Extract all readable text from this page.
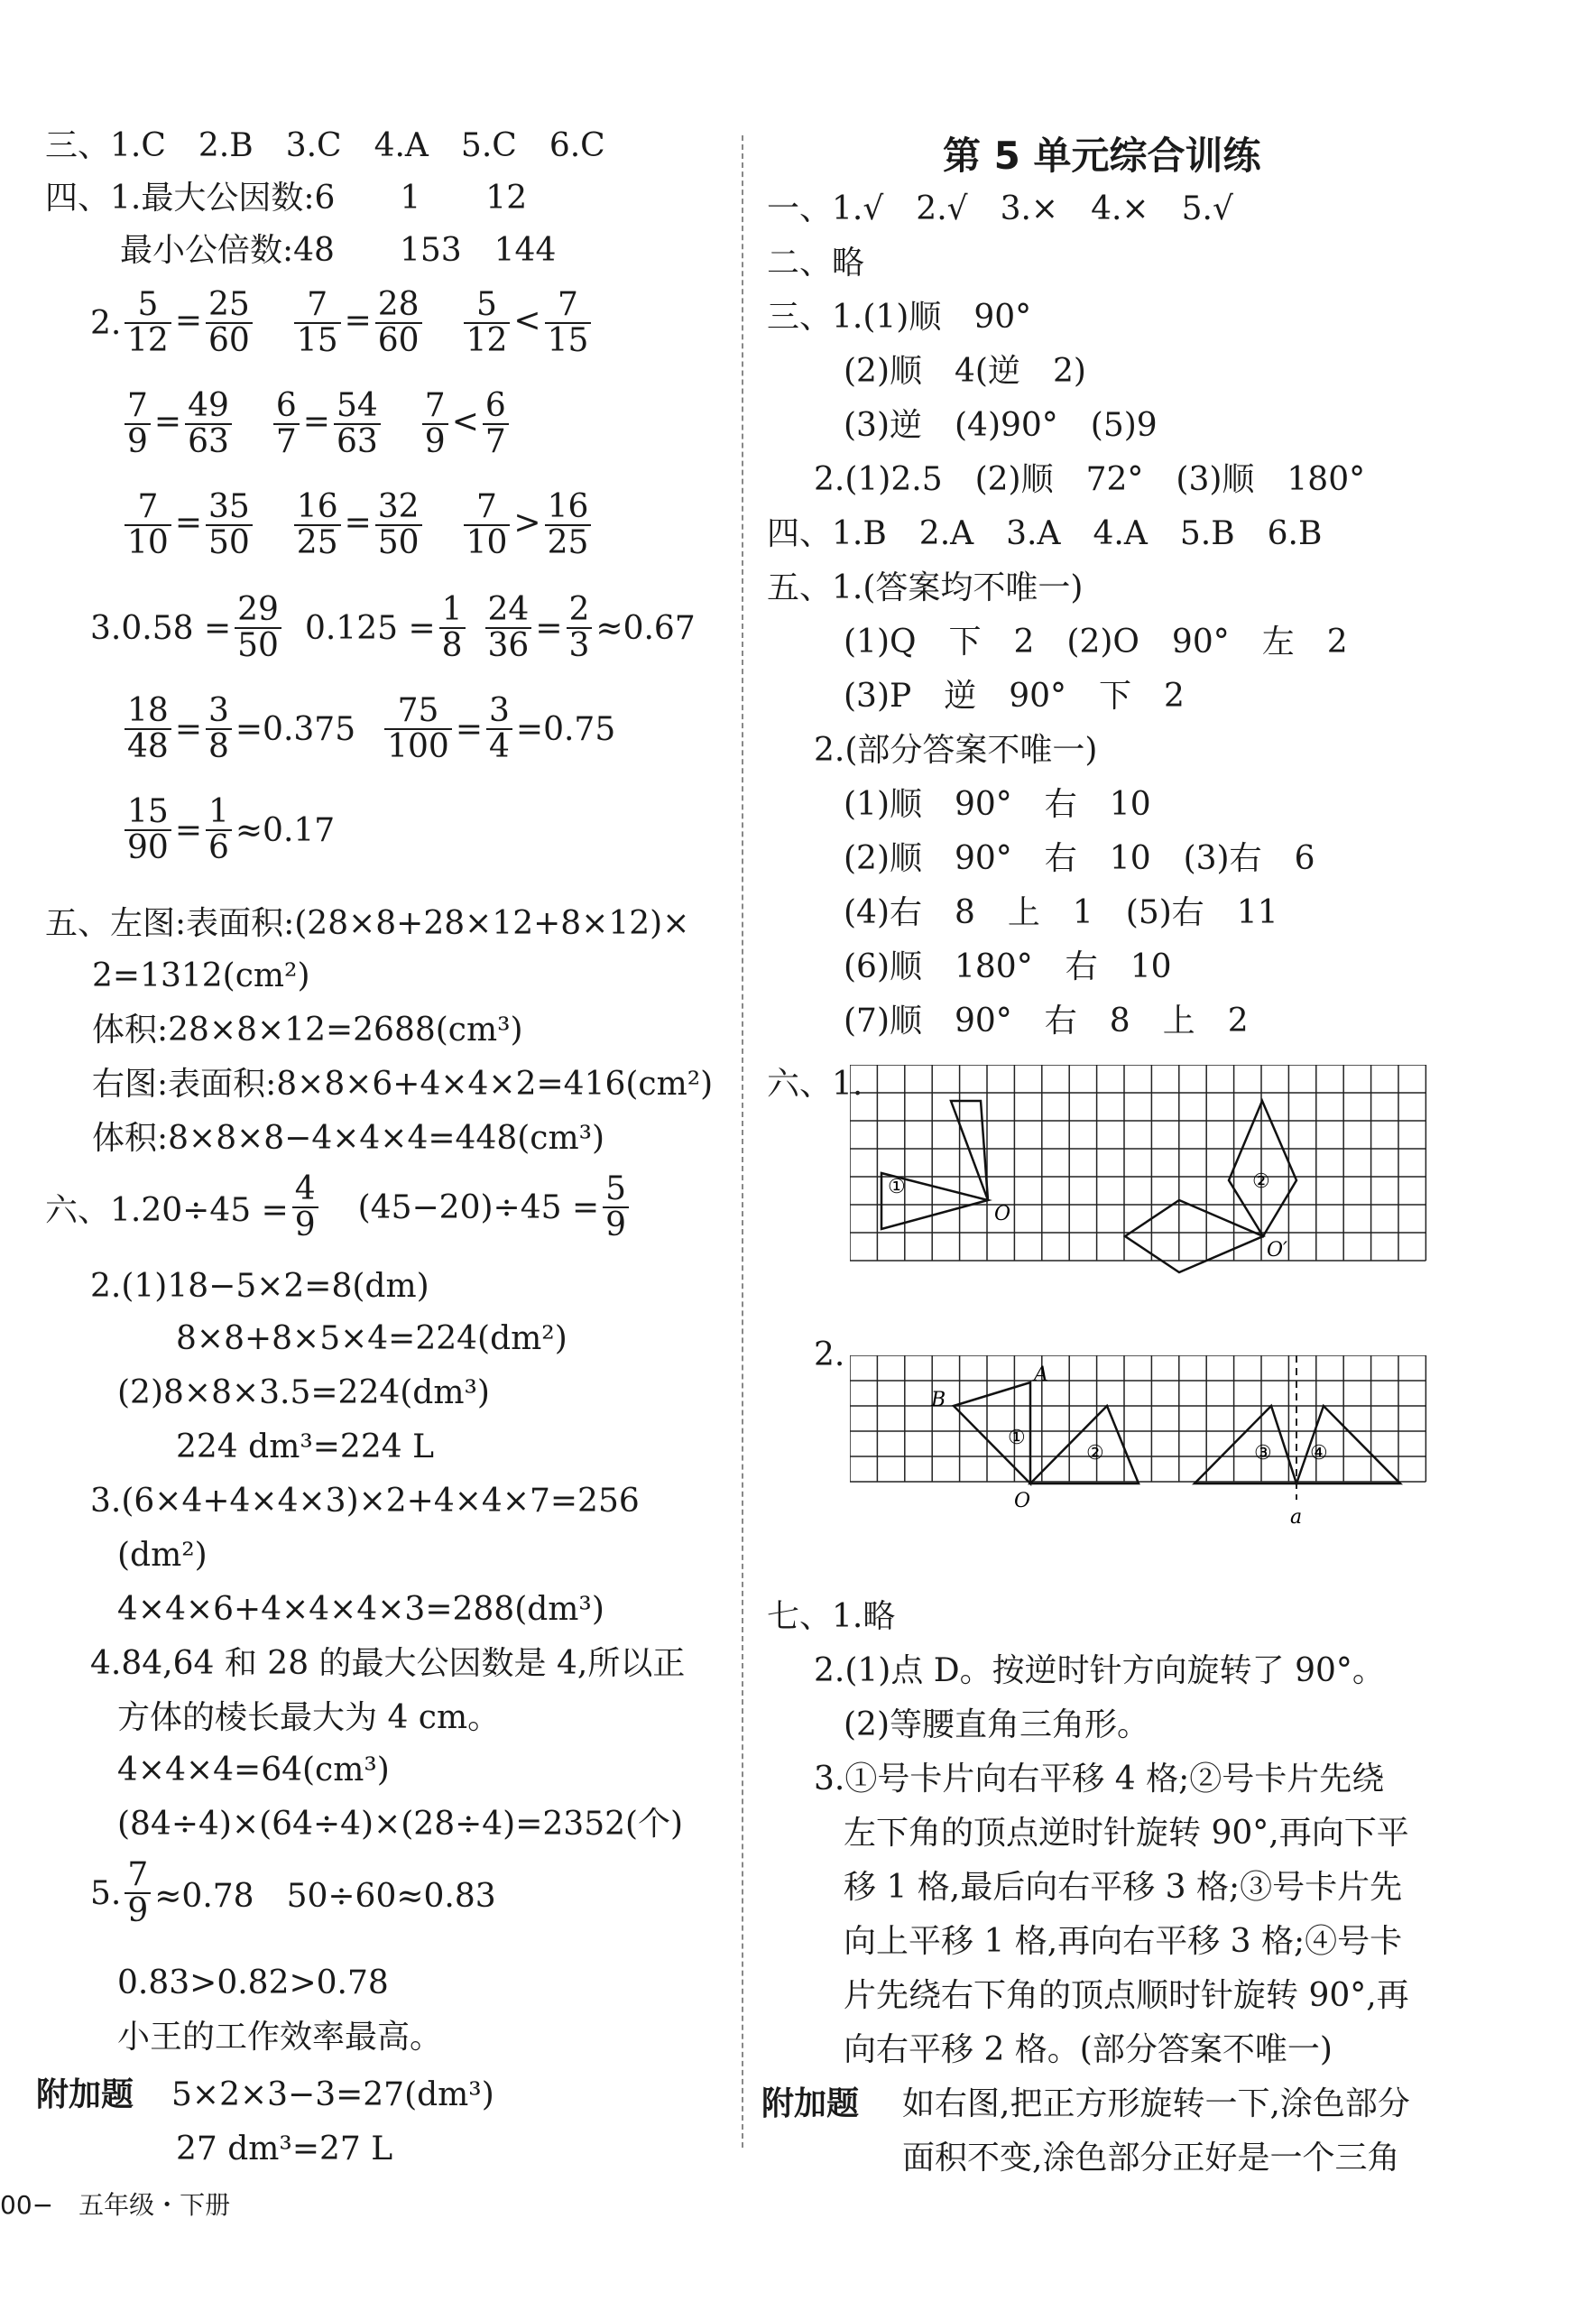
三、1.C　2.B　3.C　4.A　5.C　6.C
四、1.最大公因数:6　　1　　12
最小公倍数:48　　153　144
2. $\frac{5}{12} = \frac{25}{60} \frac{7}{15} = \frac{28}{60} \frac{5}{12} < \frac{7}{15}$
$\frac{7}{9} = \frac{49}{63} \frac{6}{7} = \frac{54}{63} \frac{7}{9} < \frac{6}{7}$
$\frac{7}{10} = \frac{35}{50} \frac{16}{25} = \frac{32}{50} \frac{7}{10} > \frac{16}{25}$
$3.0.58 = \frac{29}{50} 0.125 = \frac{1}{8} \frac{24}{36} = \frac{2}{3} \approx 0.67$
$\frac{18}{48} = \frac{3}{8} =0.375 \frac{75}{100} = \frac{3}{4} =0.75$
$\frac{15}{90} = \frac{1}{6} \approx 0.17$
五、左图:表面积:(28×8+28×12+8×12)×
2=1312(cm²)
体积:28×8×12=2688(cm³)
右图:表面积:8×8×6+4×4×2=416(cm²)
体积:8×8×8−4×4×4=448(cm³)
六、$1.20\div 45 = \frac{4}{9} (45-20)\div 45 = \frac{5}{9}$
2.(1)18−5×2=8(dm)
8×8+8×5×4=224(dm²)
(2)8×8×3.5=224(dm³)
224 dm³=224 L
3.(6×4+4×4×3)×2+4×4×7=256
(dm²)
4×4×6+4×4×4×3=288(dm³)
4.84,64 和 28 的最大公因数是 4,所以正
方体的棱长最大为 4 cm。
4×4×4=64(cm³)
(84÷4)×(64÷4)×(28÷4)=2352(个)
5. $\frac{7}{9} \approx 0.78$　50÷60≈0.83
0.83>0.82>0.78
小王的工作效率最高。
附加题 5×2×3−3=27(dm³)
27 dm³=27 L
00−　五年级・下册
第 5 单元综合训练
一、1.√　2.√　3.×　4.×　5.√
二、略
三、1.(1)顺　90°
(2)顺　4(逆　2)
(3)逆　(4)90°　(5)9
2.(1)2.5　(2)顺　72°　(3)顺　180°
四、1.B　2.A　3.A　4.A　5.B　6.B
五、1.(答案均不唯一)
(1)Q　下　2　(2)O　90°　左　2
(3)P　逆　90°　下　2
2.(部分答案不唯一)
(1)顺　90°　右　10
(2)顺　90°　右　10　(3)右　6
(4)右　8　上　1　(5)右　11
(6)顺　180°　右　10
(7)顺　90°　右　8　上　2
六、1.
①	②
O
O′
2.
A
B
O
①
②	③ ④
a
七、1.略
2.(1)点 D。按逆时针方向旋转了 90°。
(2)等腰直角三角形。
3.①号卡片向右平移 4 格;②号卡片先绕
左下角的顶点逆时针旋转 90°,再向下平
移 1 格,最后向右平移 3 格;③号卡片先
向上平移 1 格,再向右平移 3 格;④号卡
片先绕右下角的顶点顺时针旋转 90°,再
向右平移 2 格。(部分答案不唯一)
附加题 如右图,把正方形旋转一下,涂色部分
面积不变,涂色部分正好是一个三角
